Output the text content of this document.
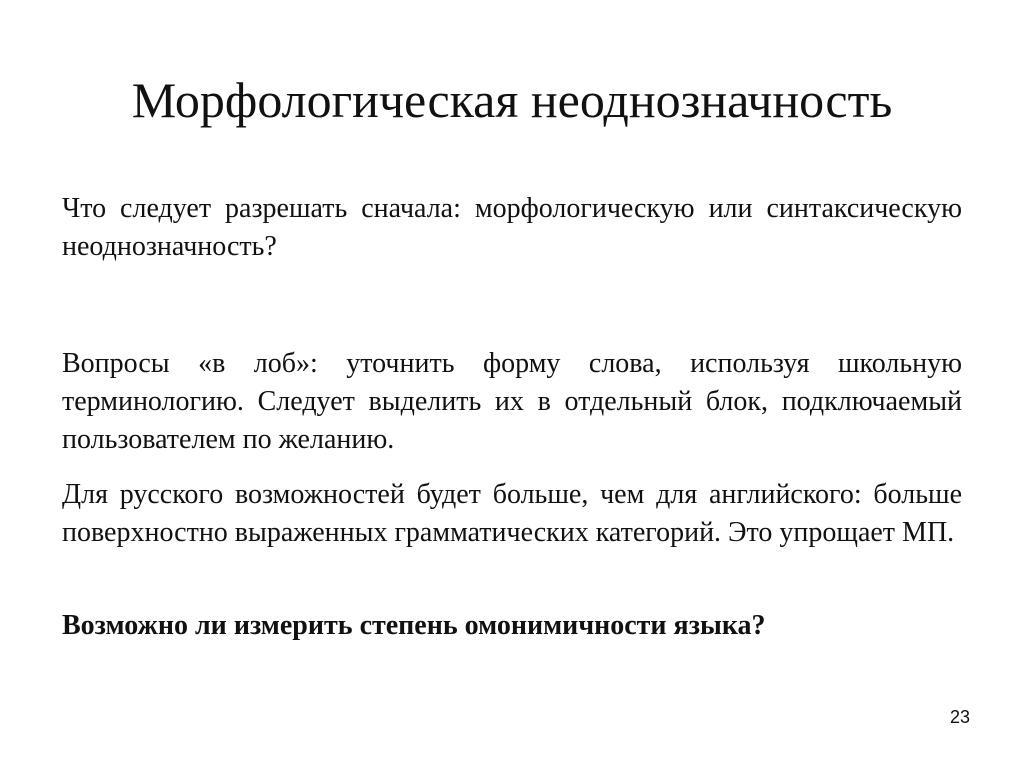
Морфологическая неоднозначность

Что следует разрешать сначала: морфологическую или синтаксическую неоднозначность?

Вопросы «в лоб»: уточнить форму слова, используя школьную терминологию. Следует выделить их в отдельный блок, подключаемый пользователем по желанию.

Для русского возможностей будет больше, чем для английского: больше поверхностно выраженных грамматических категорий. Это упрощает МП.

Возможно ли измерить степень омонимичности языка?

23
